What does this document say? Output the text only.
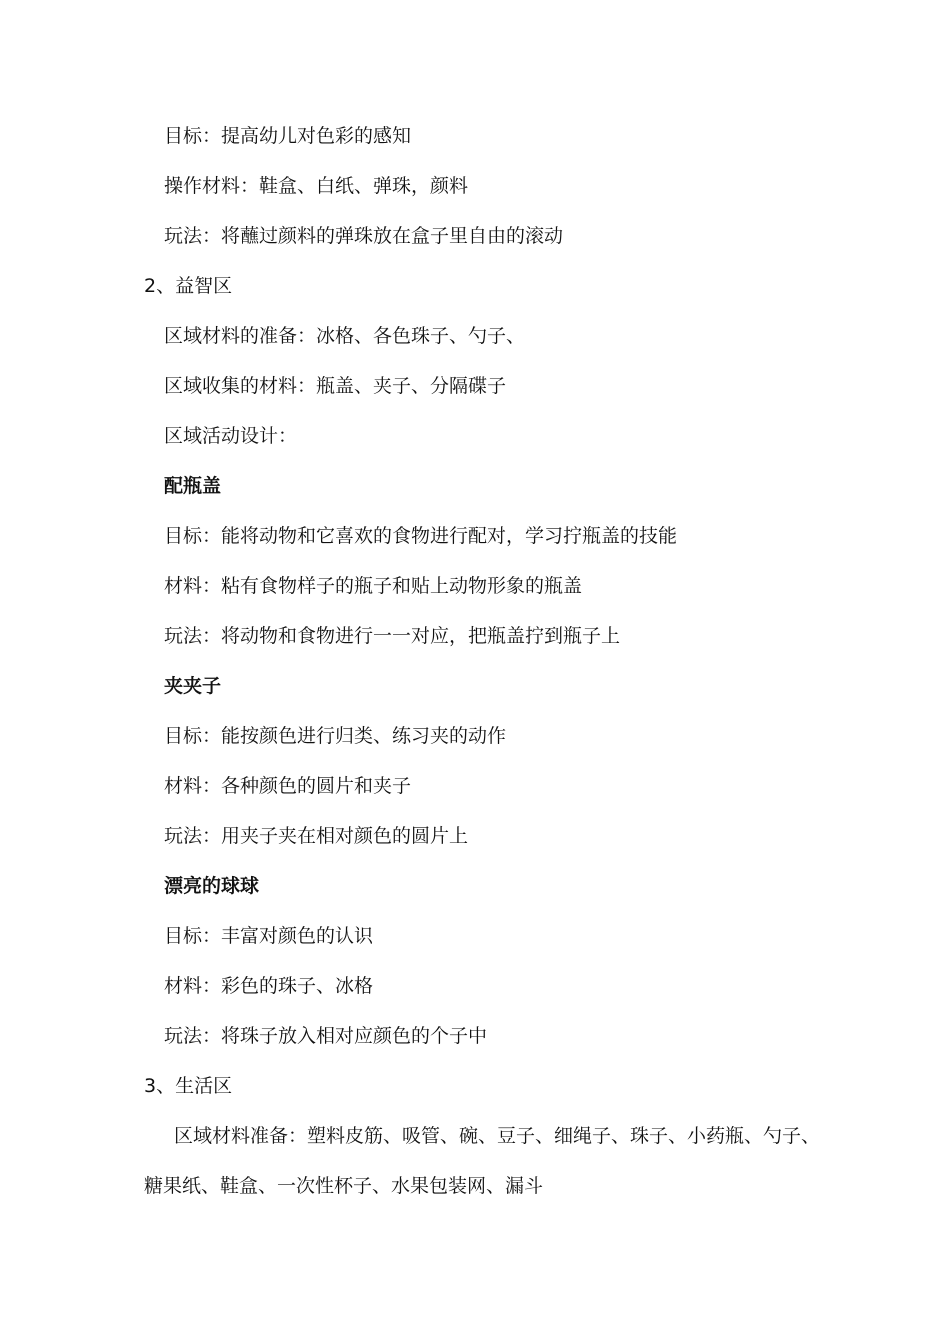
目标：提高幼儿对色彩的感知
操作材料：鞋盒、白纸、弹珠，颜料
玩法：将蘸过颜料的弹珠放在盒子里自由的滚动
2、益智区
区域材料的准备：冰格、各色珠子、勺子、
区域收集的材料：瓶盖、夹子、分隔碟子
区域活动设计：
配瓶盖
目标：能将动物和它喜欢的食物进行配对，学习拧瓶盖的技能
材料：粘有食物样子的瓶子和贴上动物形象的瓶盖
玩法：将动物和食物进行一一对应，把瓶盖拧到瓶子上
夹夹子
目标：能按颜色进行归类、练习夹的动作
材料：各种颜色的圆片和夹子
玩法：用夹子夹在相对颜色的圆片上
漂亮的球球
目标：丰富对颜色的认识
材料：彩色的珠子、冰格
玩法：将珠子放入相对应颜色的个子中
3、生活区
区域材料准备：塑料皮筋、吸管、碗、豆子、细绳子、珠子、小药瓶、勺子、
糖果纸、鞋盒、一次性杯子、水果包装网、漏斗
